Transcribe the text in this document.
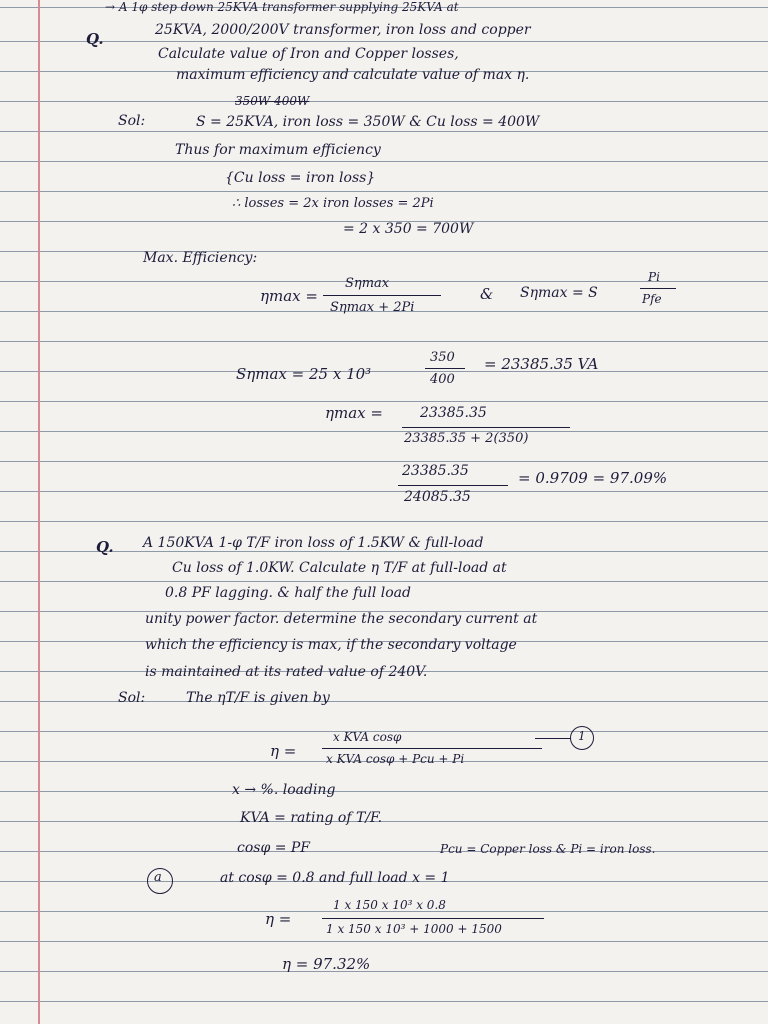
→ A 1φ step down 25KVA transformer supplying 25KVA at
Q.	25KVA, 2000/200V transformer, iron loss and copper
Calculate value of Iron and Copper losses,
maximum efficiency and calculate value of max η.
350W 400W
Sol:	S = 25KVA, iron loss = 350W & Cu loss = 400W
Thus for maximum efficiency
{Cu loss = iron loss}
∴ losses = 2x iron losses = 2Pi
= 2 x 350 = 700W
Max. Efficiency:
ηmax =
Sηmax
Sηmax + 2Pi
& Sηmax = S
Pi
Pfe
Sηmax = 25 x 10³
350
400
= 23385.35 VA
ηmax =	23385.35
23385.35 + 2(350)
23385.35
24085.35
= 0.9709 = 97.09%
Q. A 150KVA 1-φ T/F iron loss of 1.5KW & full-load
Cu loss of 1.0KW. Calculate η T/F at full-load at
0.8 PF lagging. & half the full load
unity power factor. determine the secondary current at
which the efficiency is max, if the secondary voltage
is maintained at its rated value of 240V.
Sol:	The ηT/F is given by
η =
x KVA cosφ
x KVA cosφ + Pcu + Pi
1
x → %. loading
KVA = rating of T/F.
cosφ = PF	Pcu = Copper loss & Pi = iron loss.
a	at cosφ = 0.8 and full load x = 1
η =
1 x 150 x 10³ x 0.8
1 x 150 x 10³ + 1000 + 1500
η = 97.32%
